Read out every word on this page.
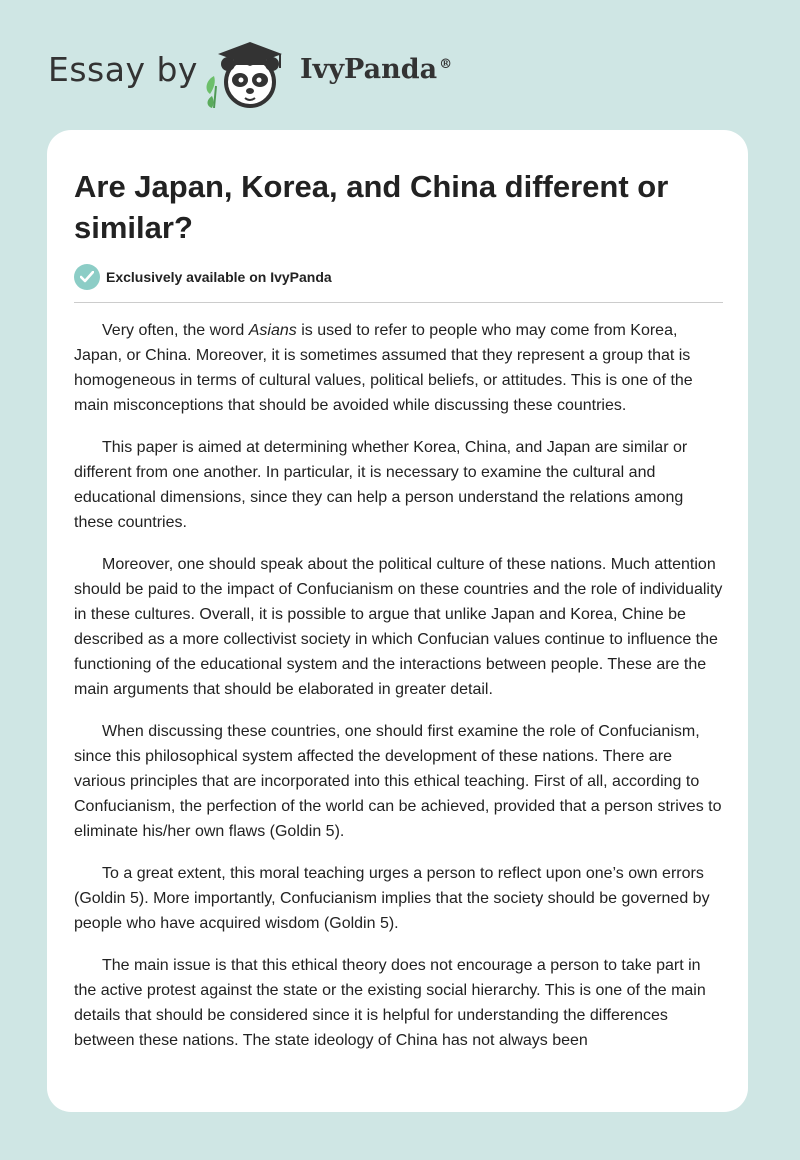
Essay by	IvyPanda ®
Are Japan, Korea, and China different or similar?
Exclusively available on IvyPanda

Very often, the word Asians is used to refer to people who may come from Korea, Japan, or China. Moreover, it is sometimes assumed that they represent a group that is homogeneous in terms of cultural values, political beliefs, or attitudes. This is one of the main misconceptions that should be avoided while discussing these countries.

This paper is aimed at determining whether Korea, China, and Japan are similar or different from one another. In particular, it is necessary to examine the cultural and educational dimensions, since they can help a person understand the relations among these countries.

Moreover, one should speak about the political culture of these nations. Much attention should be paid to the impact of Confucianism on these countries and the role of individuality in these cultures. Overall, it is possible to argue that unlike Japan and Korea, Chine be described as a more collectivist society in which Confucian values continue to influence the functioning of the educational system and the interactions between people. These are the main arguments that should be elaborated in greater detail.

When discussing these countries, one should first examine the role of Confucianism, since this philosophical system affected the development of these nations. There are various principles that are incorporated into this ethical teaching. First of all, according to Confucianism, the perfection of the world can be achieved, provided that a person strives to eliminate his/her own flaws (Goldin 5).

To a great extent, this moral teaching urges a person to reflect upon one’s own errors (Goldin 5). More importantly, Confucianism implies that the society should be governed by people who have acquired wisdom (Goldin 5).

The main issue is that this ethical theory does not encourage a person to take part in the active protest against the state or the existing social hierarchy. This is one of the main details that should be considered since it is helpful for understanding the differences between these nations. The state ideology of China has not always been
